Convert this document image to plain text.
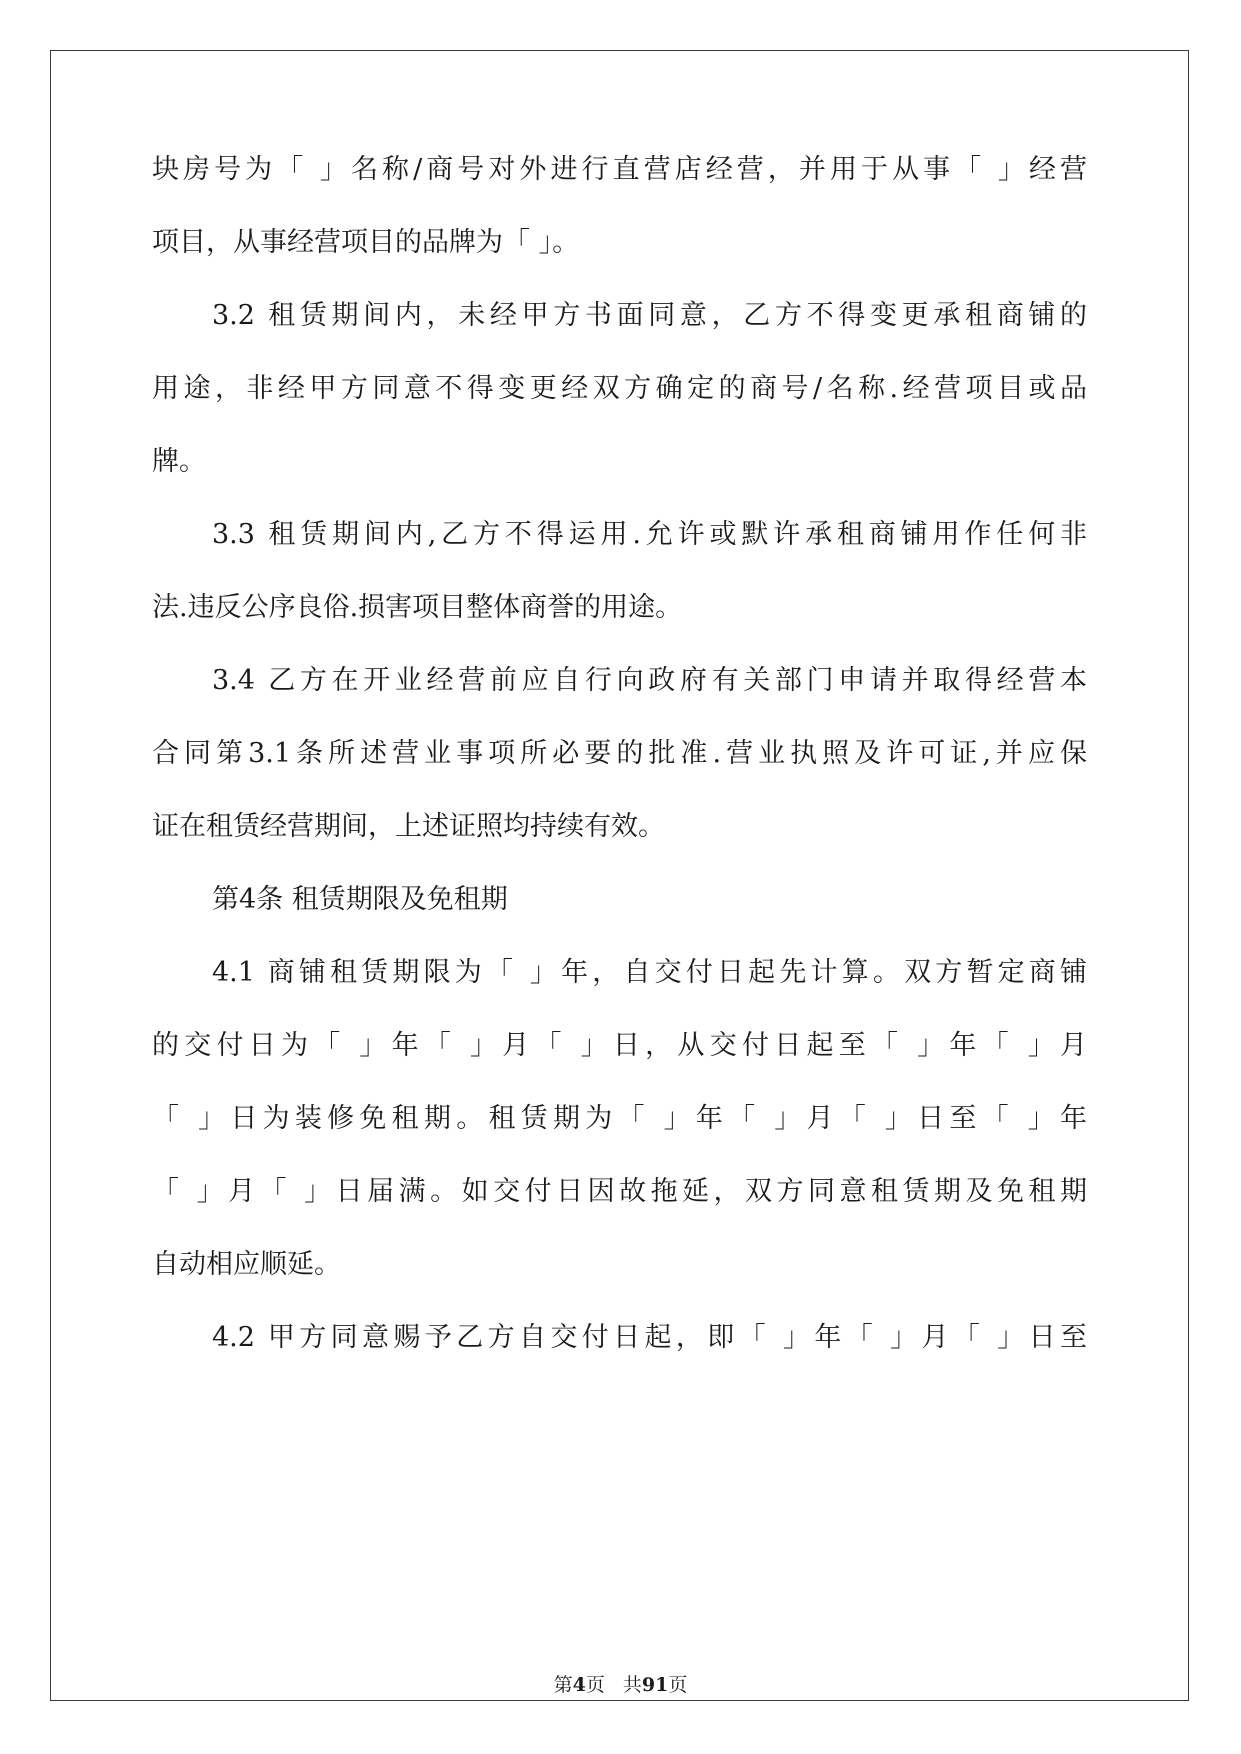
块房号为「 」名称/商号对外进行直营店经营，并用于从事「 」经营
项目，从事经营项目的品牌为「 」。
3.2 租赁期间内，未经甲方书面同意，乙方不得变更承租商铺的
用途，非经甲方同意不得变更经双方确定的商号/名称.经营项目或品
牌。
3.3 租赁期间内,乙方不得运用.允许或默许承租商铺用作任何非
法.违反公序良俗.损害项目整体商誉的用途。
3.4 乙方在开业经营前应自行向政府有关部门申请并取得经营本
合同第3.1条所述营业事项所必要的批准.营业执照及许可证,并应保
证在租赁经营期间，上述证照均持续有效。
第4条 租赁期限及免租期
4.1 商铺租赁期限为「 」年，自交付日起先计算。双方暂定商铺
的交付日为「 」年「 」月「 」日，从交付日起至「 」年「 」月
「 」日为装修免租期。租赁期为「 」年「 」月「 」日至「 」年
「 」月「 」日届满。如交付日因故拖延，双方同意租赁期及免租期
自动相应顺延。
4.2 甲方同意赐予乙方自交付日起，即「 」年「 」月「 」日至
第4页 共91页
